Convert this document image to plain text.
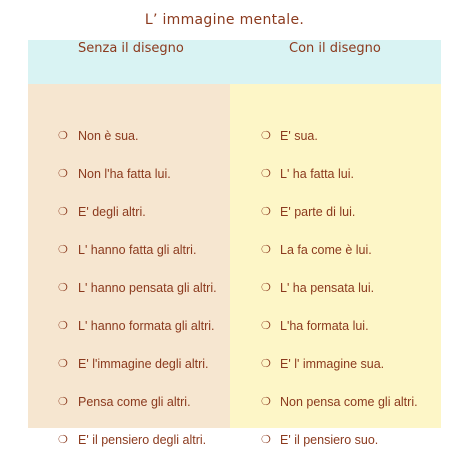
L’ immagine mentale.
Senza il disegno	Con il disegno
❍ Non è sua.
❍ Non l'ha fatta lui.
❍ E' degli altri.
❍ L' hanno fatta gli altri.
❍ L' hanno pensata gli altri.
❍ L' hanno formata gli altri.
❍ E' l'immagine degli altri.
❍ Pensa come gli altri.
❍ E' il pensiero degli altri.
❍ E' sua.
❍ L' ha fatta lui.
❍ E' parte di lui.
❍ La fa come è lui.
❍ L' ha pensata lui.
❍ L'ha formata lui.
❍ E' l' immagine sua.
❍ Non pensa come gli altri.
❍ E' il pensiero suo.
